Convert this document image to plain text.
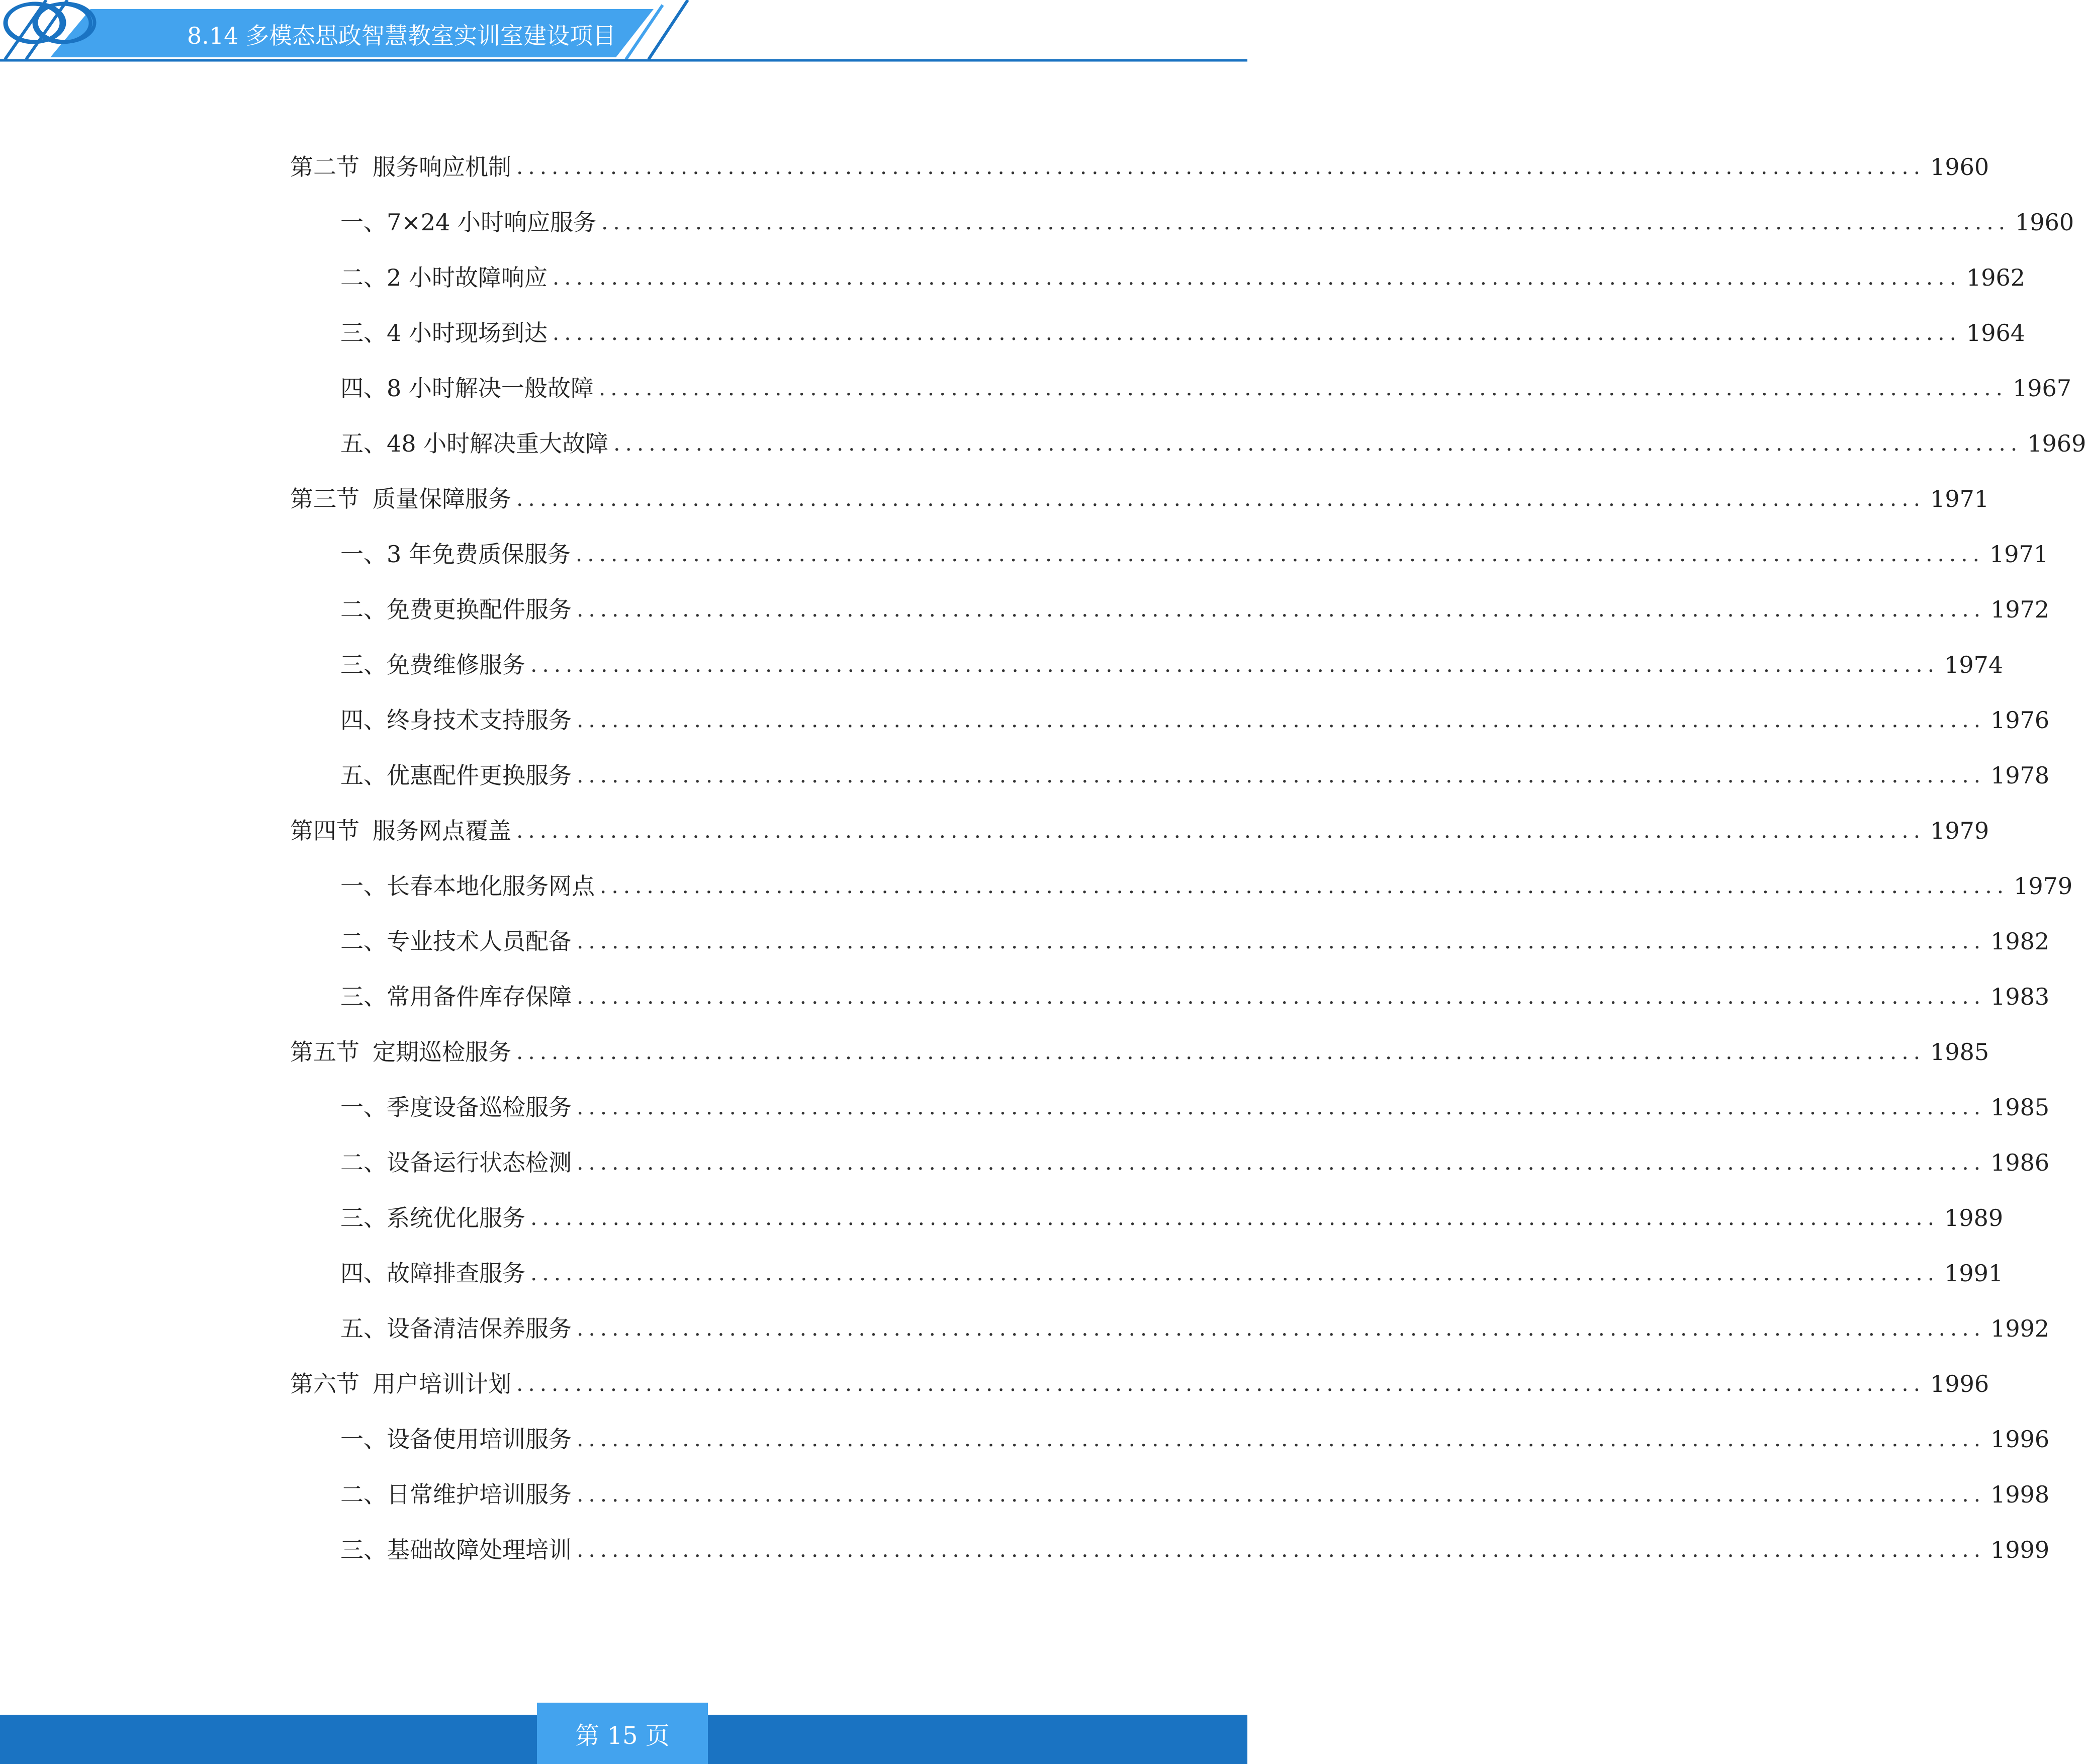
8.14 多模态思政智慧教室实训室建设项目
第二节 服务响应机制 ........................................................................................................................ 1960
一、 7×24 小时响应服务 ........................................................................................................................ 1960
二、 2 小时故障响应 ........................................................................................................................ 1962
三、 4 小时现场到达 ........................................................................................................................ 1964
四、 8 小时解决一般故障 ........................................................................................................................ 1967
五、 48 小时解决重大故障 ........................................................................................................................ 1969
第三节 质量保障服务 ........................................................................................................................ 1971
一、 3 年免费质保服务 ........................................................................................................................ 1971
二、 免费更换配件服务 ........................................................................................................................ 1972
三、 免费维修服务 ........................................................................................................................ 1974
四、 终身技术支持服务 ........................................................................................................................ 1976
五、 优惠配件更换服务 ........................................................................................................................ 1978
第四节 服务网点覆盖 ........................................................................................................................ 1979
一、 长春本地化服务网点 ........................................................................................................................ 1979
二、 专业技术人员配备 ........................................................................................................................ 1982
三、 常用备件库存保障 ........................................................................................................................ 1983
第五节 定期巡检服务 ........................................................................................................................ 1985
一、 季度设备巡检服务 ........................................................................................................................ 1985
二、 设备运行状态检测 ........................................................................................................................ 1986
三、 系统优化服务 ........................................................................................................................ 1989
四、 故障排查服务 ........................................................................................................................ 1991
五、 设备清洁保养服务 ........................................................................................................................ 1992
第六节 用户培训计划 ........................................................................................................................ 1996
一、 设备使用培训服务 ........................................................................................................................ 1996
二、 日常维护培训服务 ........................................................................................................................ 1998
三、 基础故障处理培训 ........................................................................................................................ 1999
第 15 页
